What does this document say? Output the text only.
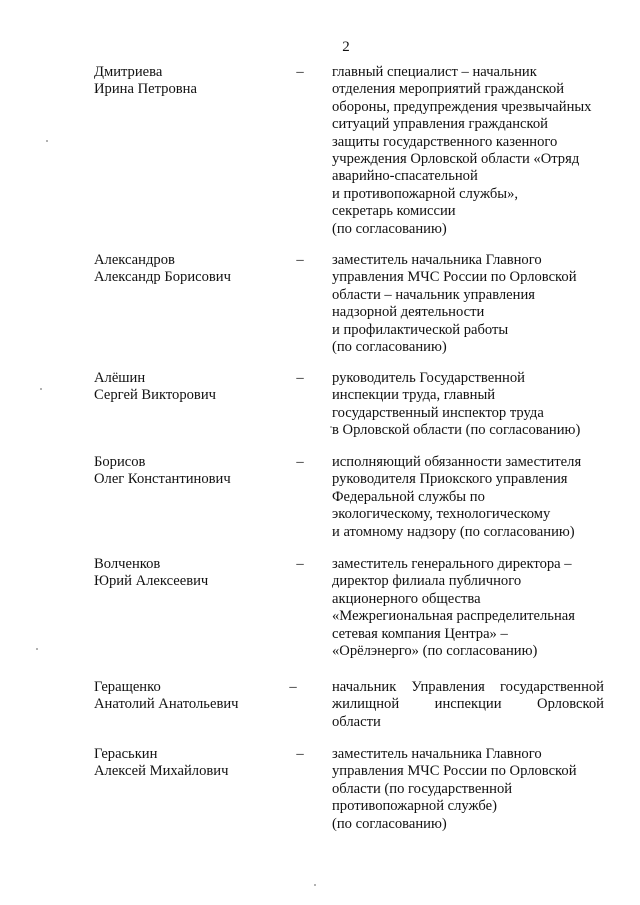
2
Дмитриева
Ирина Петровна
– главный специалист – начальник
отделения мероприятий гражданской
обороны, предупреждения чрезвычайных
ситуаций управления гражданской
защиты государственного казенного
учреждения Орловской области «Отряд
аварийно-спасательной
и противопожарной службы»,
секретарь комиссии
(по согласованию)
Александров
Александр Борисович
– заместитель начальника Главного
управления МЧС России по Орловской
области – начальник управления
надзорной деятельности
и профилактической работы
(по согласованию)
Алёшин
Сергей Викторович
– руководитель Государственной
инспекции труда, главный
государственный инспектор труда
в Орловской области (по согласованию)
Борисов
Олег Константинович
– исполняющий обязанности заместителя
руководителя Приокского управления
Федеральной службы по
экологическому, технологическому
и атомному надзору (по согласованию)
Волченков
Юрий Алексеевич
– заместитель генерального директора –
директор филиала публичного
акционерного общества
«Межрегиональная распределительная
сетевая компания Центра» –
«Орёлэнерго» (по согласованию)
Геращенко
Анатолий Анатольевич
– начальник Управления государственной
жилищной инспекции Орловской
области
Гераськин
Алексей Михайлович
– заместитель начальника Главного
управления МЧС России по Орловской
области (по государственной
противопожарной службе)
(по согласованию)
